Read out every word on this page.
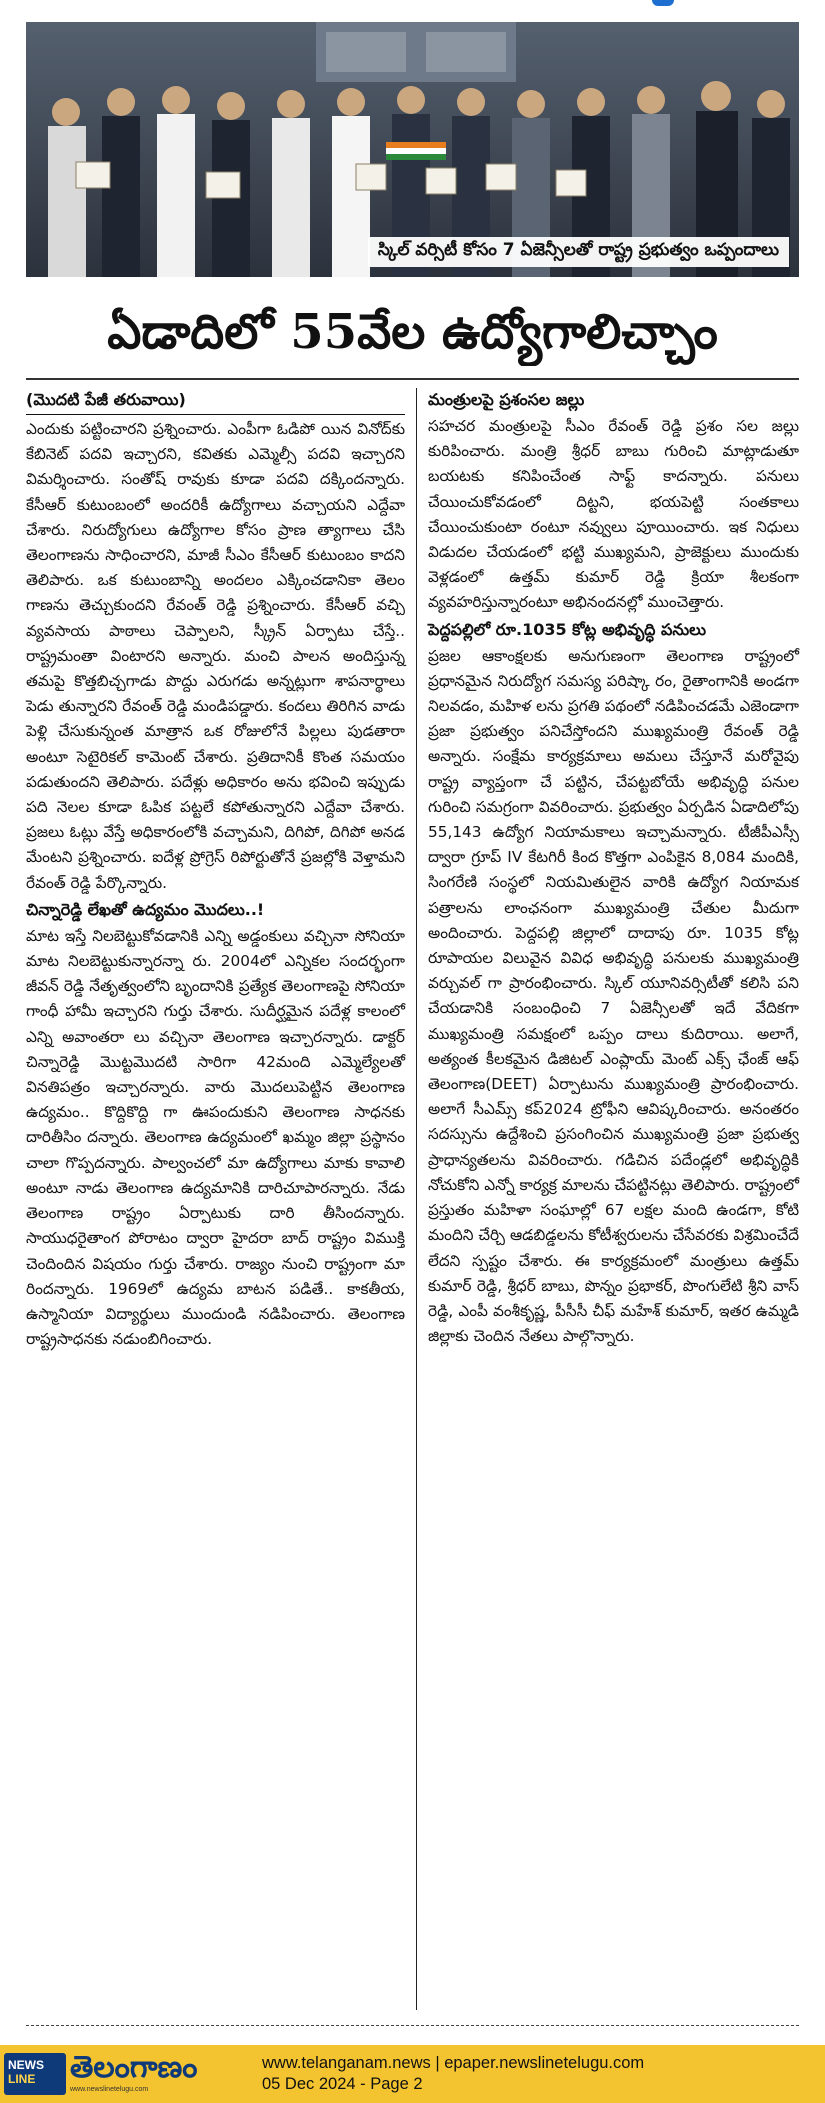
స్కిల్ వర్సిటీ కోసం 7 ఏజెన్సీలతో రాష్ట్ర ప్రభుత్వం ఒప్పందాలు
ఏడాదిలో 55వేల ఉద్యోగాలిచ్చాం
(మొదటి పేజీ తరువాయి)

ఎందుకు పట్టించారని ప్రశ్నించారు. ఎంపీగా ఓడిపో యిన వినోద్‌కు కేబినెట్ పదవి ఇచ్చారని, కవితకు ఎమ్మెల్సీ పదవి ఇచ్చారని విమర్శించారు. సంతోష్ రావుకు కూడా పదవి దక్కిందన్నారు. కేసీఆర్ కుటుంబంలో అందరికీ ఉద్యోగాలు వచ్చాయని ఎద్దేవా చేశారు. నిరుద్యోగులు ఉద్యోగాల కోసం ప్రాణ త్యాగాలు చేసి తెలంగాణను సాధించారని, మాజీ సీఎం కేసీఆర్ కుటుంబం కాదని తెలిపారు. ఒక కుటుంబాన్ని అందలం ఎక్కించడానికా తెలం గాణను తెచ్చుకుందని రేవంత్ రెడ్డి ప్రశ్నించారు. కేసీఆర్ వచ్చి వ్యవసాయ పాఠాలు చెప్పాలని, స్క్రీన్ ఏర్పాటు చేస్తే.. రాష్ట్రమంతా వింటారని అన్నారు. మంచి పాలన అందిస్తున్న తమపై కొత్తబిచ్చగాడు పొద్దు ఎరుగడు అన్నట్లుగా శాపనార్థాలు పెడు తున్నారని రేవంత్ రెడ్డి మండిపడ్డారు. కందలు తిరిగిన వాడు పెళ్లి చేసుకున్నంత మాత్రాన ఒక రోజులోనే పిల్లలు పుడతారా అంటూ సెటైరికల్ కామెంట్ చేశారు. ప్రతిదానికీ కొంత సమయం పడుతుందని తెలిపారు. పదేళ్లు అధికారం అను భవించి ఇప్పుడు పది నెలల కూడా ఓపిక పట్టలే కపోతున్నారని ఎద్దేవా చేశారు. ప్రజలు ఓట్లు వేస్తే అధికారంలోకి వచ్చామని, దిగిపో, దిగిపో అనడ మేంటని ప్రశ్నించారు. ఐదేళ్ల ప్రోగ్రెస్ రిపోర్టుతోనే ప్రజల్లోకి వెళ్తామని రేవంత్ రెడ్డి పేర్కొన్నారు.

చిన్నారెడ్డి లేఖతో ఉద్యమం మొదలు..!

మాట ఇస్తే నిలబెట్టుకోవడానికి ఎన్ని అడ్డంకులు వచ్చినా సోనియా మాట నిలబెట్టుకున్నారన్నా రు. 2004లో ఎన్నికల సందర్భంగా జీవన్ రెడ్డి నేతృత్వంలోని బృందానికి ప్రత్యేక తెలంగాణపై సోనియా గాంధీ హామీ ఇచ్చారని గుర్తు చేశారు. సుదీర్ఘమైన పదేళ్ల కాలంలో ఎన్ని అవాంతరా లు వచ్చినా తెలంగాణ ఇచ్చారన్నారు. డాక్టర్ చిన్నారెడ్డి మొట్టమొదటి సారిగా 42మంది ఎమ్మెల్యేలతో వినతిపత్రం ఇచ్చారన్నారు. వారు మొదలుపెట్టిన తెలంగాణ ఉద్యమం.. కొద్దికొద్ది గా ఊపందుకుని తెలంగాణ సాధనకు దారితీసిం దన్నారు. తెలంగాణ ఉద్యమంలో ఖమ్మం జిల్లా ప్రస్థానం చాలా గొప్పదన్నారు. పాల్వంచలో మా ఉద్యోగాలు మాకు కావాలి అంటూ నాడు తెలంగాణ ఉద్యమానికి దారిచూపారన్నారు. నేడు తెలంగాణ రాష్ట్రం ఏర్పాటుకు దారి తీసిందన్నారు. సాయుధరైతాంగ పోరాటం ద్వారా హైదరా బాద్ రాష్ట్రం విముక్తి చెందిందిన విషయం గుర్తు చేశారు. రాజ్యం నుంచి రాష్ట్రంగా మా రిందన్నారు. 1969లో ఉద్యమ బాటన పడితే.. కాకతీయ, ఉస్మానియా విద్యార్థులు ముందుండి నడిపించారు. తెలంగాణ రాష్ట్రసాధనకు నడుంబిగించారు.

మంత్రులపై ప్రశంసల జల్లు

సహచర మంత్రులపై సీఎం రేవంత్ రెడ్డి ప్రశం సల జల్లు కురిపించారు. మంత్రి శ్రీధర్ బాబు గురించి మాట్లాడుతూ బయటకు కనిపించేంత సాఫ్ట్ కాదన్నారు. పనులు చేయించుకోవడంలో దిట్టని, భయపెట్టి సంతకాలు చేయించుకుంటా రంటూ నవ్వులు పూయించారు. ఇక నిధులు విడుదల చేయడంలో భట్టి ముఖ్యమని, ప్రాజెక్టులు ముందుకు వెళ్లడంలో ఉత్తమ్ కుమార్ రెడ్డి క్రియా శీలకంగా వ్యవహరిస్తున్నారంటూ అభినందనల్లో ముంచెత్తారు.

పెద్దపల్లిలో రూ.1035 కోట్ల అభివృద్ధి పనులు

ప్రజల ఆకాంక్షలకు అనుగుణంగా తెలంగాణ రాష్ట్రంలో ప్రధానమైన నిరుద్యోగ సమస్య పరిష్కా రం, రైతాంగానికి అండగా నిలవడం, మహిళ లను ప్రగతి పథంలో నడిపించడమే ఎజెండాగా ప్రజా ప్రభుత్వం పనిచేస్తోందని ముఖ్యమంత్రి రేవంత్ రెడ్డి అన్నారు. సంక్షేమ కార్యక్రమాలు అమలు చేస్తూనే మరోవైపు రాష్ట్ర వ్యాప్తంగా చే పట్టిన, చేపట్టబోయే అభివృద్ధి పనుల గురించి సమగ్రంగా వివరించారు. ప్రభుత్వం ఏర్పడిన ఏడాదిలోపు 55,143 ఉద్యోగ నియామకాలు ఇచ్చామన్నారు. టీజీపీఎస్సీ ద్వారా గ్రూప్ IV కేటగిరీ కింద కొత్తగా ఎంపికైన 8,084 మందికి, సింగరేణి సంస్థలో నియమితులైన వారికి ఉద్యోగ నియామక పత్రాలను లాంఛనంగా ముఖ్యమంత్రి చేతుల మీదుగా అందించారు. పెద్దపల్లి జిల్లాలో దాదాపు రూ. 1035 కోట్ల రూపాయల విలువైన వివిధ అభివృద్ధి పనులకు ముఖ్యమంత్రి వర్చువల్ గా ప్రారంభించారు. స్కిల్ యూనివర్సిటీతో కలిసి పని చేయడానికి సంబంధించి 7 ఏజెన్సీలతో ఇదే వేదికగా ముఖ్యమంత్రి సమక్షంలో ఒప్పం దాలు కుదిరాయి. అలాగే, అత్యంత కీలకమైన డిజిటల్ ఎంప్లాయ్ మెంట్ ఎక్స్ ఛేంజ్ ఆఫ్ తెలంగాణ(DEET) ఏర్పాటును ముఖ్యమంత్రి ప్రారంభించారు. అలాగే సీఎమ్స్ కప్2024 ట్రోఫీని ఆవిష్కరించారు. అనంతరం సదస్సును ఉద్దేశించి ప్రసంగించిన ముఖ్యమంత్రి ప్రజా ప్రభుత్వ ప్రాధాన్యతలను వివరించారు. గడిచిన పదేండ్లలో అభివృద్ధికి నోచుకోని ఎన్నో కార్యక్ర మాలను చేపట్టినట్లు తెలిపారు. రాష్ట్రంలో ప్రస్తుతం మహిళా సంఘాల్లో 67 లక్షల మంది ఉండగా, కోటి మందిని చేర్చి ఆడబిడ్డలను కోటీశ్వరులను చేసేవరకు విశ్రమించేదే లేదని స్పష్టం చేశారు. ఈ కార్యక్రమంలో మంత్రులు ఉత్తమ్ కుమార్ రెడ్డి, శ్రీధర్ బాబు, పొన్నం ప్రభాకర్, పొంగులేటి శ్రీని వాస్ రెడ్డి, ఎంపీ వంశీకృష్ణ, పీసీసీ చీఫ్ మహేశ్ కుమార్, ఇతర ఉమ్మడి జిల్లాకు చెందిన నేతలు పాల్గొన్నారు.

NEWS
LINE	తెలంగాణం
www.newslinetelugu.com
www.telanganam.news | epaper.newslinetelugu.com
05 Dec 2024 - Page 2
